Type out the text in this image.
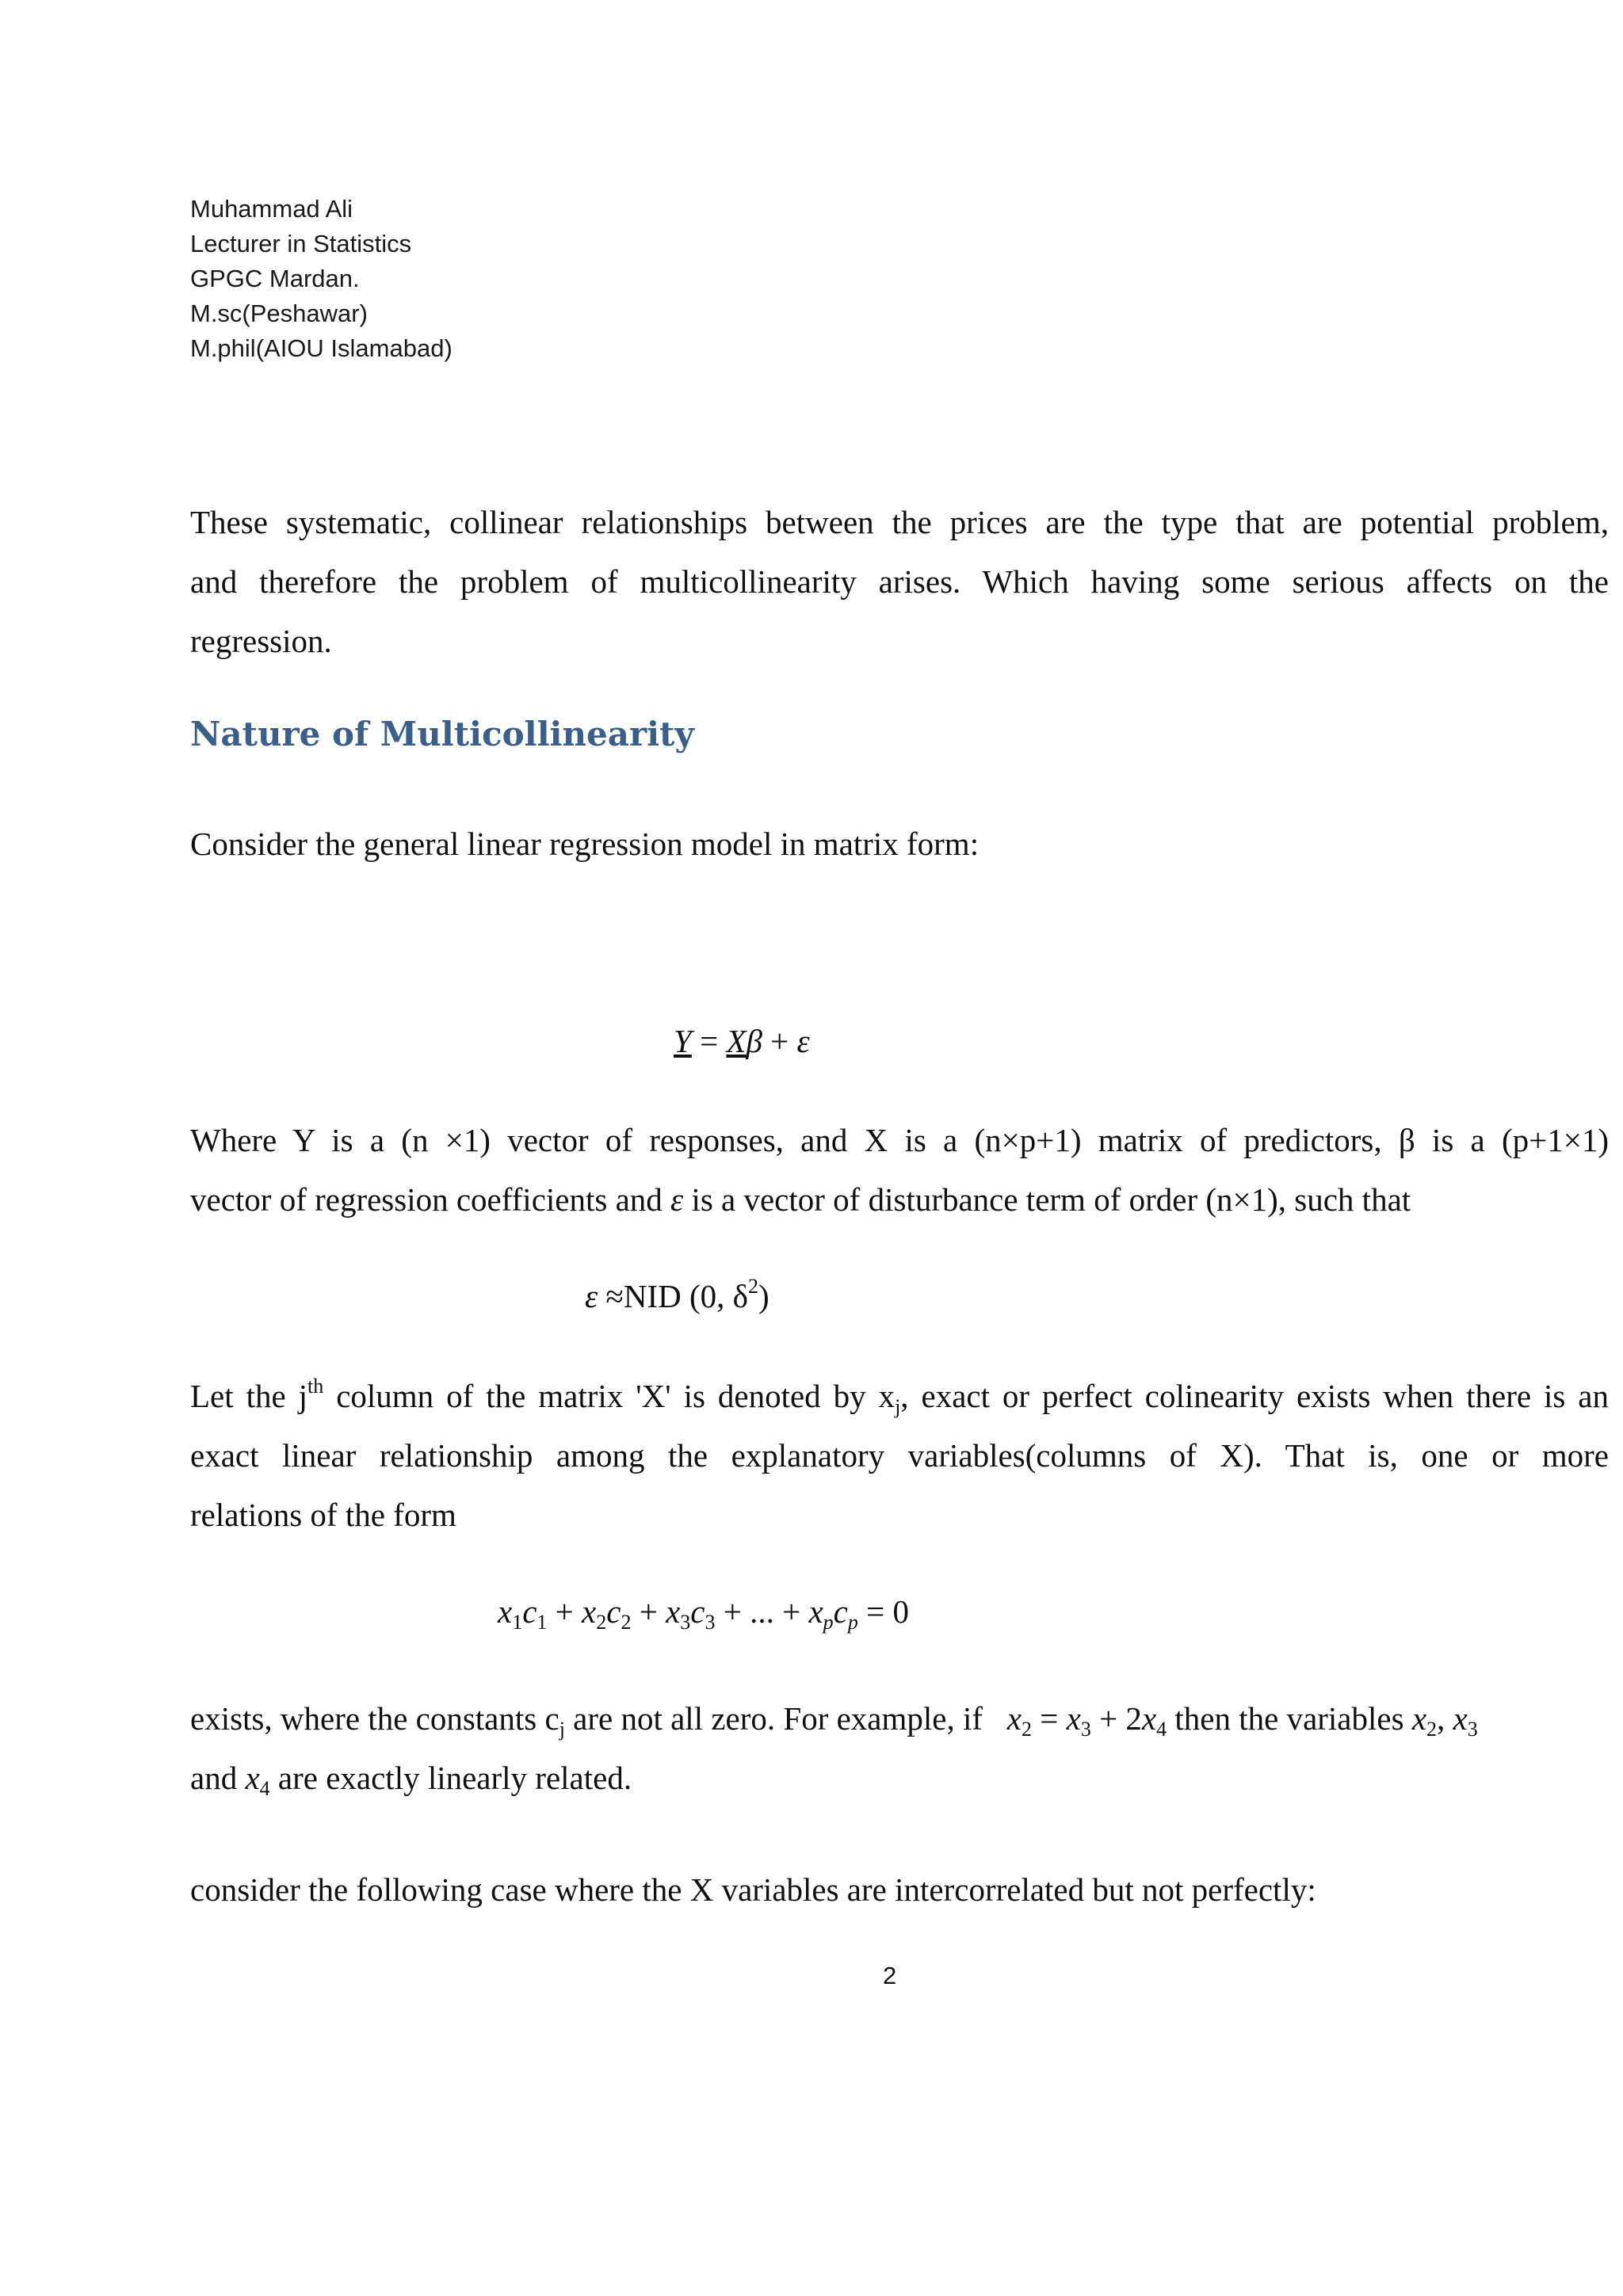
Muhammad Ali
Lecturer in Statistics
GPGC Mardan.
M.sc(Peshawar)
M.phil(AIOU Islamabad)
These systematic, collinear relationships between the prices are the type that are potential problem,
and therefore the problem of multicollinearity arises. Which having some serious affects on the
regression.
Nature of Multicollinearity
Consider the general linear regression model in matrix form:
Y = Xβ + ε
Where Y is a (n ×1) vector of responses, and X is a (n×p+1) matrix of predictors, β is a (p+1×1)
vector of regression coefficients and ε is a vector of disturbance term of order (n×1), such that
ε ≈NID (0, $\delta^2$)
Let the $j^{th}$ column of the matrix 'X' is denoted by $x_j$, exact or perfect colinearity exists when there is an
exact linear relationship among the explanatory variables(columns of X). That is, one or more
relations of the form
$x_1c_1 + x_2c_2 + x_3c_3$ + ... + $x_pc_p = 0$
exists, where the constants $c_j$ are not all zero. For example, if   $x_2 = x_3 + 2x_4$ then the variables $x_2$, $x_3$
and $x_4$ are exactly linearly related.
consider the following case where the X variables are intercorrelated but not perfectly:
2
